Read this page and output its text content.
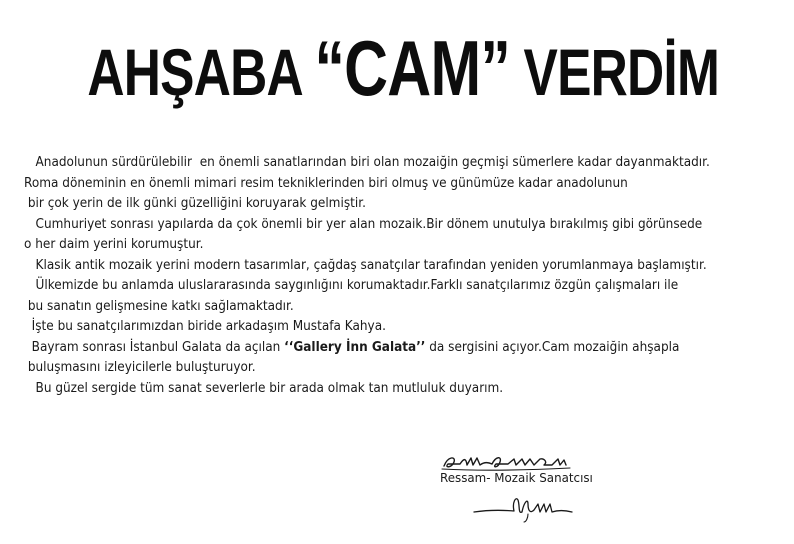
AHŞABA “CAM” VERDİM
Anadolunun sürdürülebilir  en önemli sanatlarından biri olan mozaiğin geçmişi sümerlere kadar dayanmaktadır.
Roma döneminin en önemli mimari resim tekniklerinden biri olmuş ve günümüze kadar anadolunun
bir çok yerin de ilk günki güzelliğini koruyarak gelmiştir.
Cumhuriyet sonrası yapılarda da çok önemli bir yer alan mozaik.Bir dönem unutulya bırakılmış gibi görünsede
o her daim yerini korumuştur.
Klasik antik mozaik yerini modern tasarımlar, çağdaş sanatçılar tarafından yeniden yorumlanmaya başlamıştır.
Ülkemizde bu anlamda uluslararasında saygınlığını korumaktadır.Farklı sanatçılarımız özgün çalışmaları ile
bu sanatın gelişmesine katkı sağlamaktadır.
İşte bu sanatçılarımızdan biride arkadaşım Mustafa Kahya.
Bayram sonrası İstanbul Galata da açılan ‘‘Gallery İnn Galata’’ da sergisini açıyor.Cam mozaiğin ahşapla
buluşmasını izleyicilerle buluşturuyor.
Bu güzel sergide tüm sanat severlerle bir arada olmak tan mutluluk duyarım.
Ressam- Mozaik Sanatcısı
